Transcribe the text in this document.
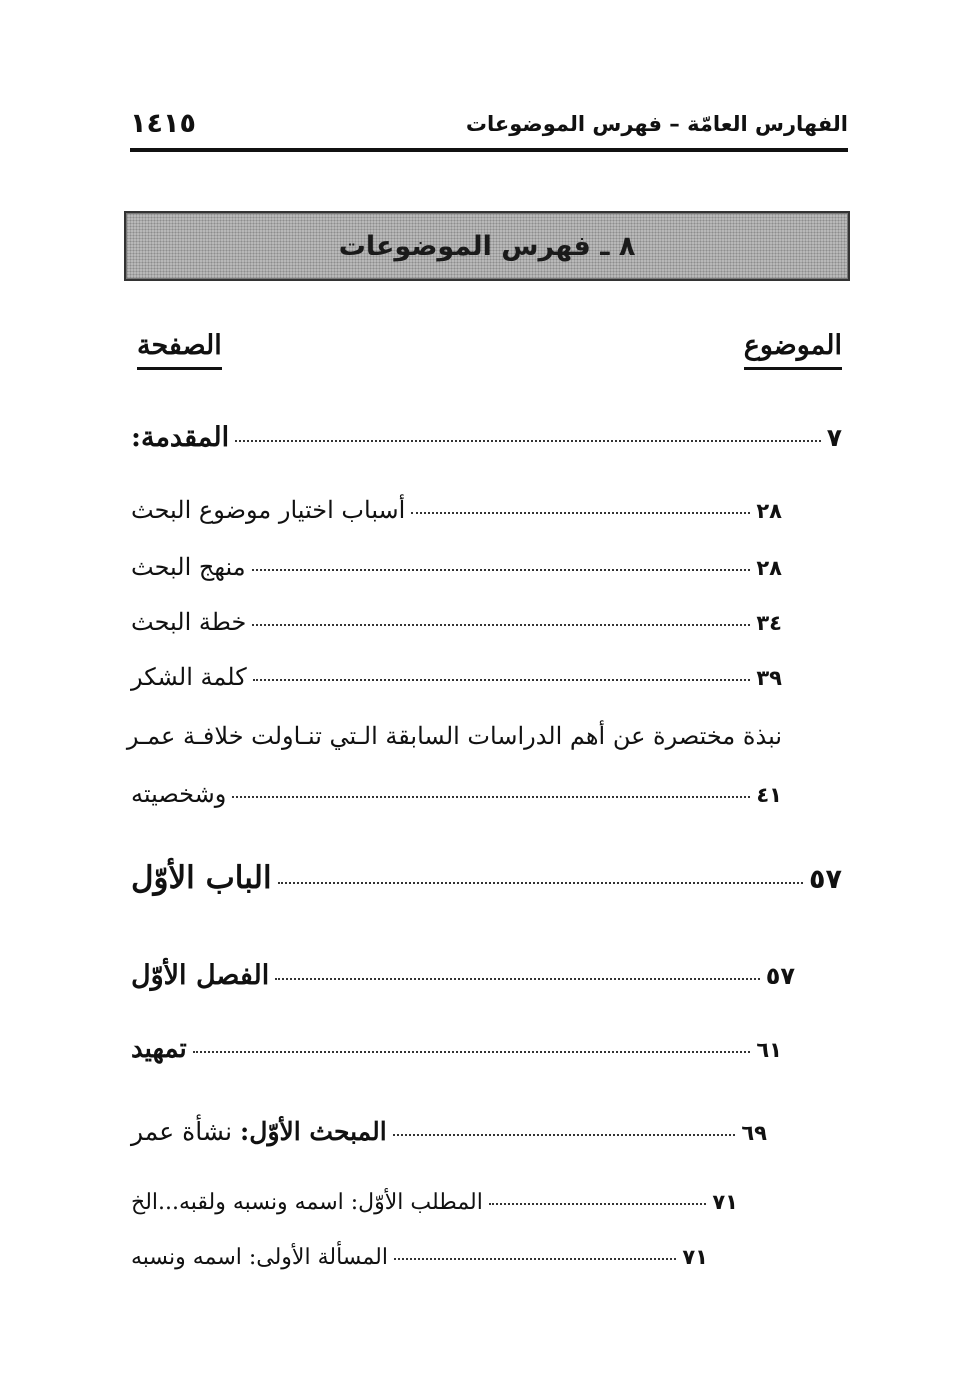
الفهارس العامّة – فهرس الموضوعات
١٤١٥
٨ ـ فهرس الموضوعات
الموضوع
الصفحة
المقدمة:	٧
أسباب اختيار موضوع البحث	٢٨
منهج البحث	٢٨
خطة البحث	٣٤
كلمة الشكر	٣٩
نبذة مختصرة عن أهم الدراسات السابقة الـتي تنـاولت خلافـة عمـر
وشخصيته	٤١
الباب الأوّل	٥٧
الفصل الأوّل	٥٧
تمهيد	٦١
المبحث الأوّل: نشأة عمر	٦٩
المطلب الأوّل: اسمه ونسبه ولقبه...الخ	٧١
المسألة الأولى: اسمه ونسبه	٧١
